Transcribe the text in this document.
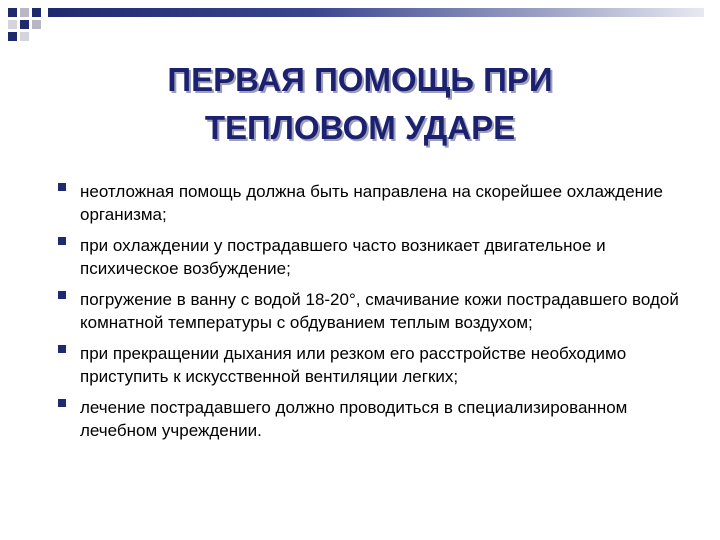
ПЕРВАЯ ПОМОЩЬ ПРИ
ТЕПЛОВОМ УДАРЕ
неотложная помощь должна быть направлена на скорейшее охлаждение организма;
при охлаждении у пострадавшего часто возникает двигательное и психическое возбуждение;
погружение в ванну с водой 18-20°, смачивание кожи пострадавшего водой комнатной температуры с обдуванием теплым воздухом;
при прекращении дыхания или резком его расстройстве необходимо приступить к искусственной вентиляции легких;
лечение пострадавшего должно проводиться в специализированном лечебном учреждении.
